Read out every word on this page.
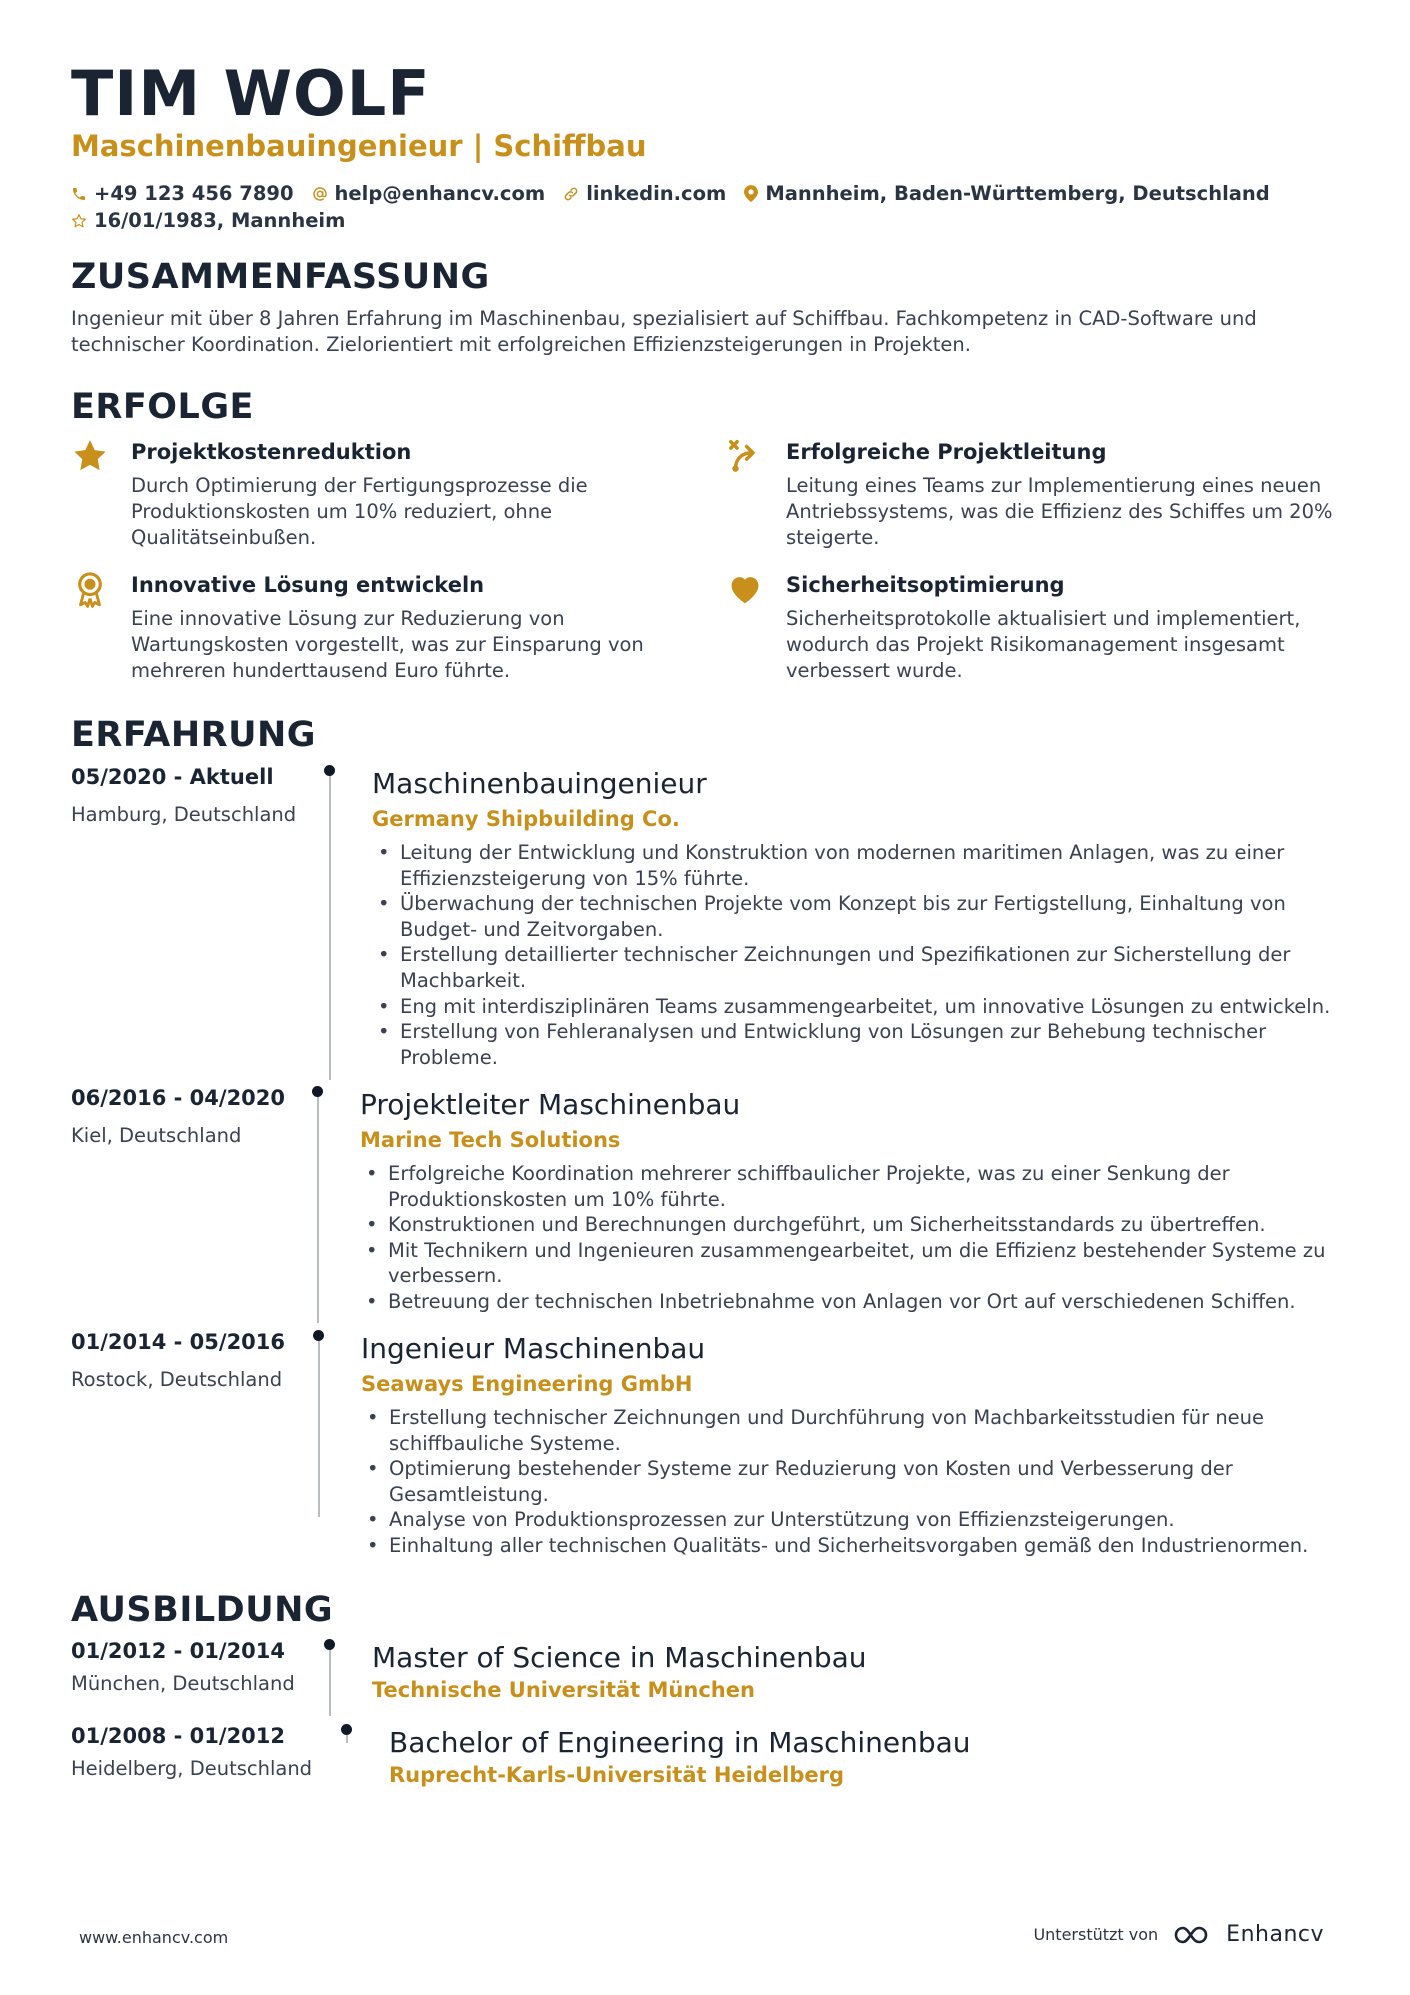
TIM WOLF
Maschinenbauingenieur | Schiffbau
+49 123 456 7890 help@enhancv.com linkedin.com Mannheim, Baden-Württemberg, Deutschland
16/01/1983, Mannheim
ZUSAMMENFASSUNG
Ingenieur mit über 8 Jahren Erfahrung im Maschinenbau, spezialisiert auf Schiffbau. Fachkompetenz in CAD-Software und technischer Koordination. Zielorientiert mit erfolgreichen Effizienzsteigerungen in Projekten.
ERFOLGE
Projektkostenreduktion
Durch Optimierung der Fertigungsprozesse die Produktionskosten um 10% reduziert, ohne Qualitätseinbußen.
Erfolgreiche Projektleitung
Leitung eines Teams zur Implementierung eines neuen Antriebssystems, was die Effizienz des Schiffes um 20% steigerte.
Innovative Lösung entwickeln
Eine innovative Lösung zur Reduzierung von Wartungskosten vorgestellt, was zur Einsparung von mehreren hunderttausend Euro führte.
Sicherheitsoptimierung
Sicherheitsprotokolle aktualisiert und implementiert, wodurch das Projekt Risikomanagement insgesamt verbessert wurde.
ERFAHRUNG
05/2020 - Aktuell
Hamburg, Deutschland
Maschinenbauingenieur
Germany Shipbuilding Co.
• Leitung der Entwicklung und Konstruktion von modernen maritimen Anlagen, was zu einer Effizienzsteigerung von 15% führte.
• Überwachung der technischen Projekte vom Konzept bis zur Fertigstellung, Einhaltung von Budget- und Zeitvorgaben.
• Erstellung detaillierter technischer Zeichnungen und Spezifikationen zur Sicherstellung der Machbarkeit.
• Eng mit interdisziplinären Teams zusammengearbeitet, um innovative Lösungen zu entwickeln.
• Erstellung von Fehleranalysen und Entwicklung von Lösungen zur Behebung technischer Probleme.
06/2016 - 04/2020
Kiel, Deutschland
Projektleiter Maschinenbau
Marine Tech Solutions
• Erfolgreiche Koordination mehrerer schiffbaulicher Projekte, was zu einer Senkung der Produktionskosten um 10% führte.
• Konstruktionen und Berechnungen durchgeführt, um Sicherheitsstandards zu übertreffen.
• Mit Technikern und Ingenieuren zusammengearbeitet, um die Effizienz bestehender Systeme zu verbessern.
• Betreuung der technischen Inbetriebnahme von Anlagen vor Ort auf verschiedenen Schiffen.
01/2014 - 05/2016
Rostock, Deutschland
Ingenieur Maschinenbau
Seaways Engineering GmbH
• Erstellung technischer Zeichnungen und Durchführung von Machbarkeitsstudien für neue schiffbauliche Systeme.
• Optimierung bestehender Systeme zur Reduzierung von Kosten und Verbesserung der Gesamtleistung.
• Analyse von Produktionsprozessen zur Unterstützung von Effizienzsteigerungen.
• Einhaltung aller technischen Qualitäts- und Sicherheitsvorgaben gemäß den Industrienormen.
AUSBILDUNG
01/2012 - 01/2014
München, Deutschland
Master of Science in Maschinenbau
Technische Universität München
01/2008 - 01/2012
Heidelberg, Deutschland
Bachelor of Engineering in Maschinenbau
Ruprecht-Karls-Universität Heidelberg
www.enhancv.com	Unterstützt von	Enhancv
